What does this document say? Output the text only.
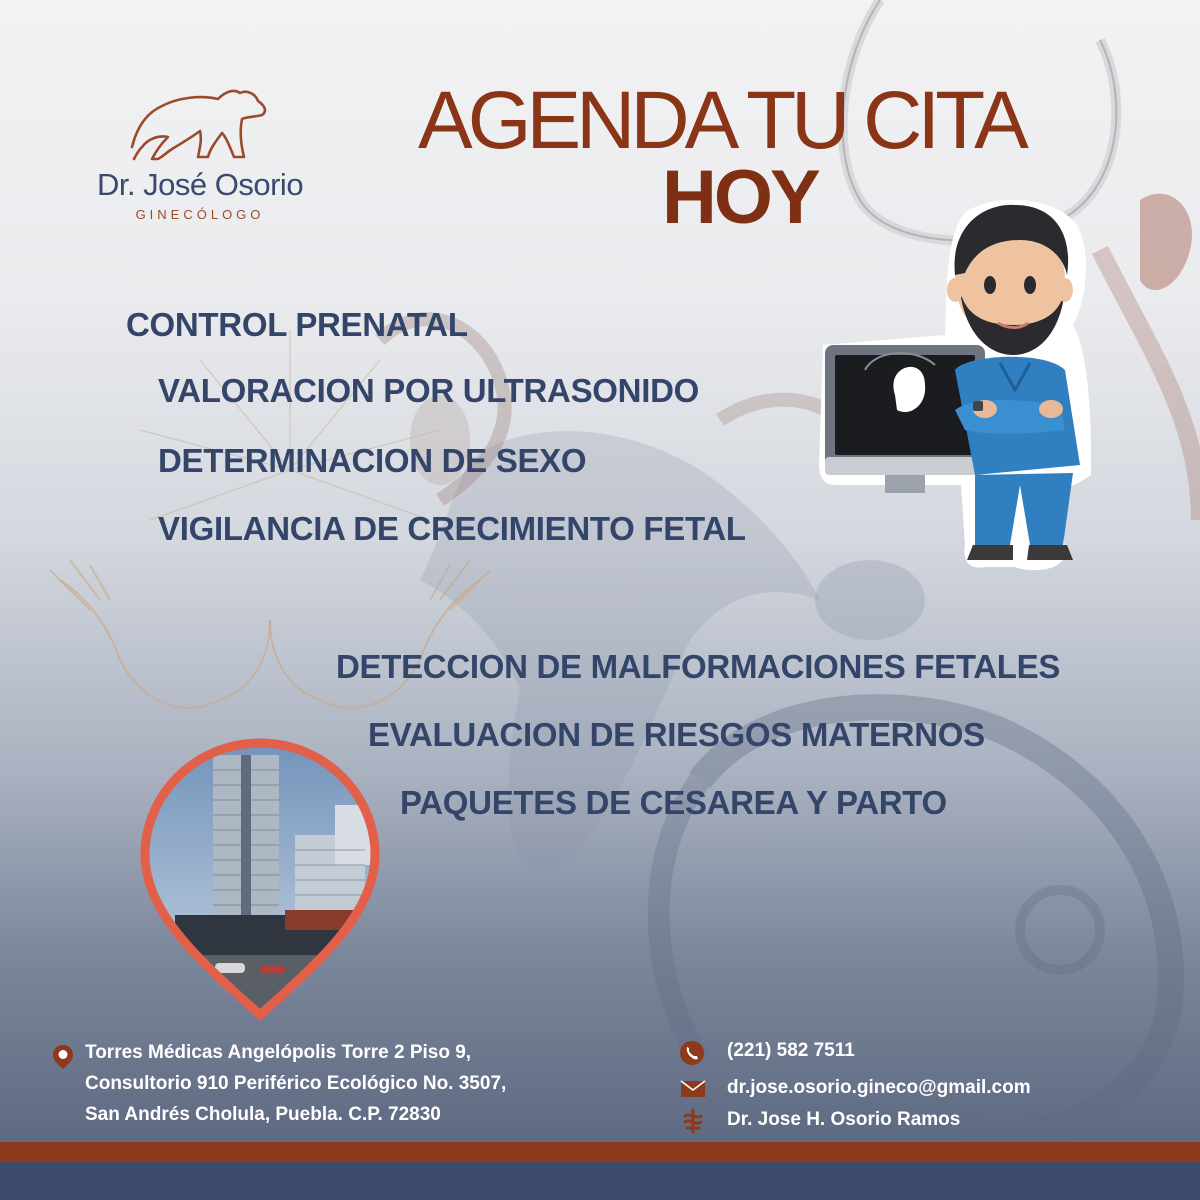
Dr. José Osorio
GINECÓLOGO
AGENDA TU CITA
HOY
CONTROL PRENATAL
VALORACION POR ULTRASONIDO
DETERMINACION DE SEXO
VIGILANCIA DE CRECIMIENTO FETAL
DETECCION DE MALFORMACIONES FETALES
EVALUACION DE RIESGOS MATERNOS
PAQUETES DE CESAREA Y PARTO
Torres Médicas Angelópolis Torre 2 Piso 9,
Consultorio 910 Periférico Ecológico No. 3507,
San Andrés Cholula, Puebla. C.P. 72830
(221) 582 7511
dr.jose.osorio.gineco@gmail.com
Dr. Jose H. Osorio Ramos
